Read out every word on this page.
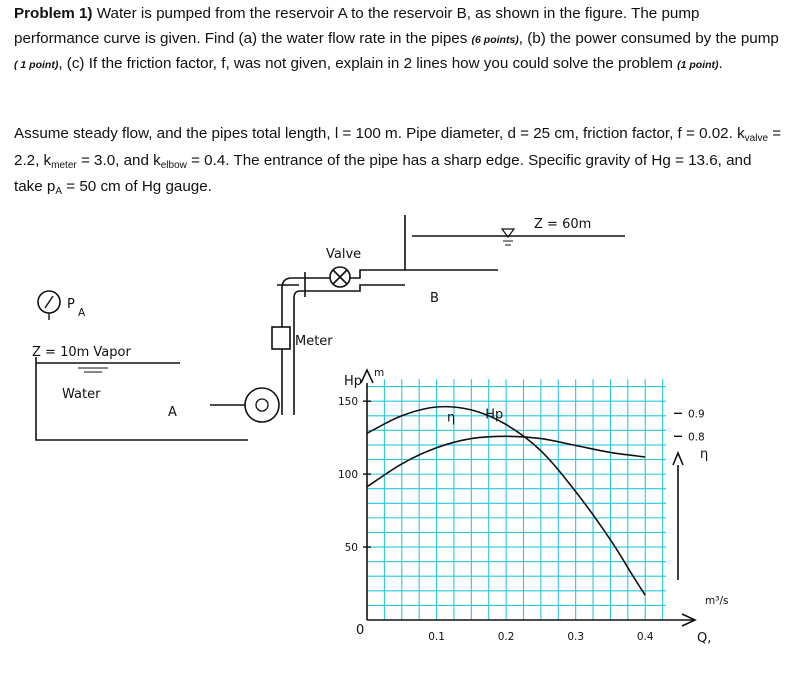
Problem 1) Water is pumped from the reservoir A to the reservoir B, as shown in the figure. The pump performance curve is given. Find (a) the water flow rate in the pipes (6 points), (b) the power consumed by the pump ( 1 point), (c) If the friction factor, f, was not given, explain in 2 lines how you could solve the problem (1 point).
Assume steady flow, and the pipes total length, l = 100 m. Pipe diameter, d = 25 cm, friction factor, f = 0.02. kvalve = 2.2, kmeter = 3.0, and kelbow = 0.4. The entrance of the pipe has a sharp edge. Specific gravity of Hg = 13.6, and take pA = 50 cm of Hg gauge.
Z = 60m
B
Valve
Meter
Z = 10m Vapor
Water
A
P
A
0.1	0.2	0.3	0.4
50
100
150
0.8
0.9
0
Hp
m
η
Q,
m³/s
Hp
η
